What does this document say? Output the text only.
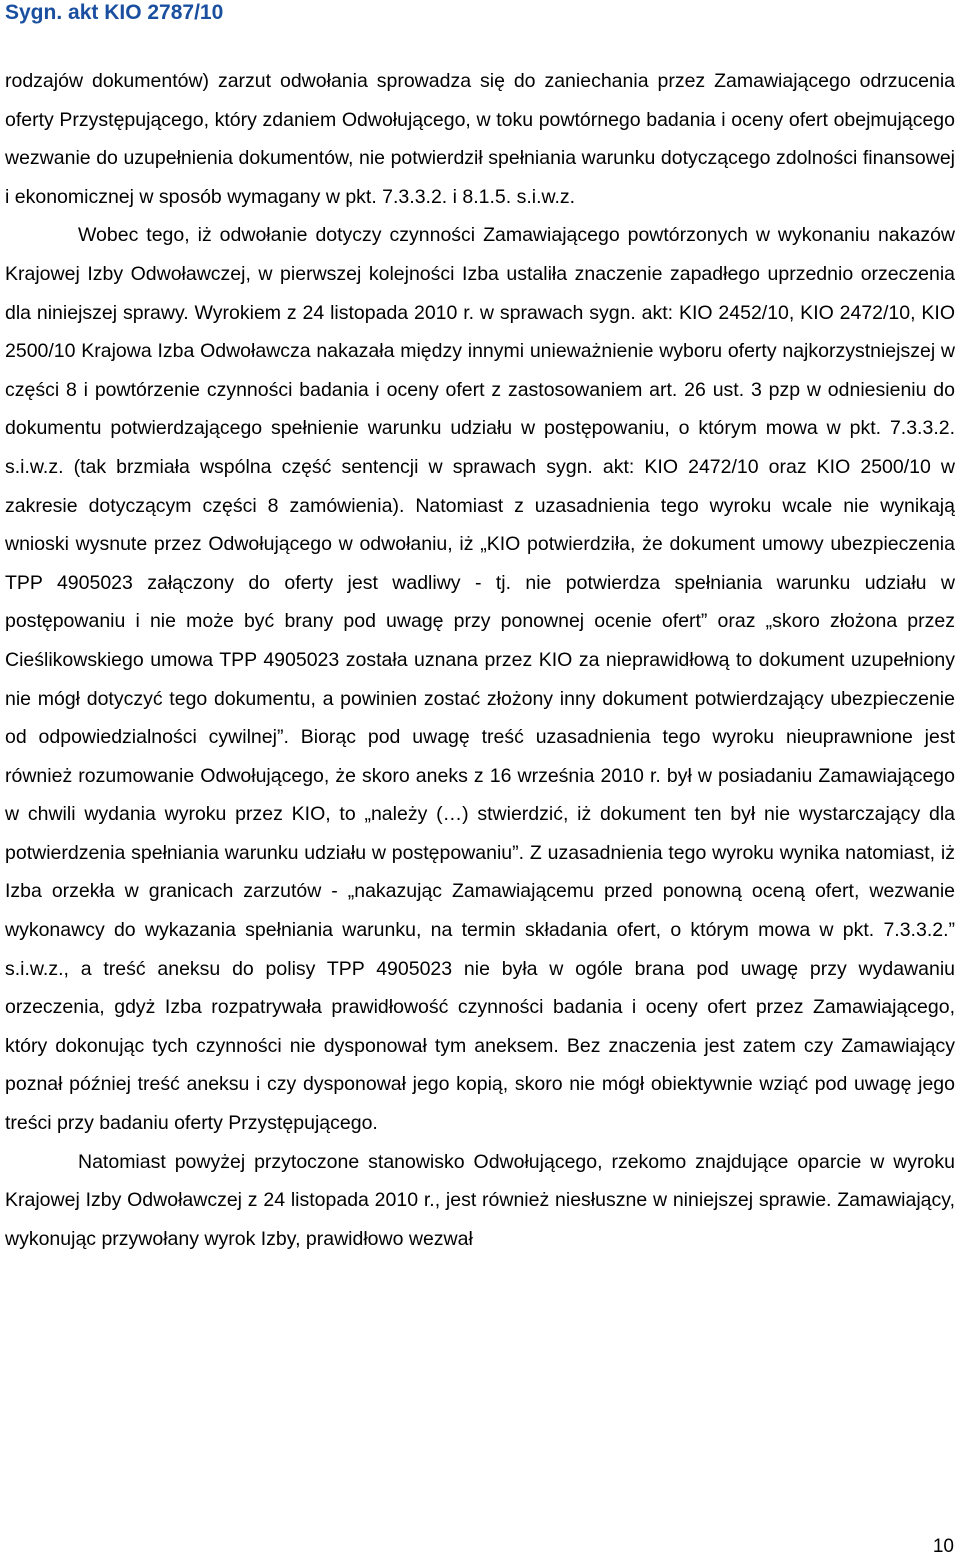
Sygn. akt KIO 2787/10

rodzajów dokumentów) zarzut odwołania sprowadza się do zaniechania przez Zamawiającego odrzucenia oferty Przystępującego, który zdaniem Odwołującego, w toku powtórnego badania i oceny ofert obejmującego wezwanie do uzupełnienia dokumentów, nie potwierdził spełniania warunku dotyczącego zdolności finansowej i ekonomicznej w sposób wymagany w pkt. 7.3.3.2. i 8.1.5. s.i.w.z.

Wobec tego, iż odwołanie dotyczy czynności Zamawiającego powtórzonych w wykonaniu nakazów Krajowej Izby Odwoławczej, w pierwszej kolejności Izba ustaliła znaczenie zapadłego uprzednio orzeczenia dla niniejszej sprawy. Wyrokiem z 24 listopada 2010 r. w sprawach sygn. akt: KIO 2452/10, KIO 2472/10, KIO 2500/10 Krajowa Izba Odwoławcza nakazała między innymi unieważnienie wyboru oferty najkorzystniejszej w części 8 i powtórzenie czynności badania i oceny ofert z zastosowaniem art. 26 ust. 3 pzp w odniesieniu do dokumentu potwierdzającego spełnienie warunku udziału w postępowaniu, o którym mowa w pkt. 7.3.3.2. s.i.w.z. (tak brzmiała wspólna część sentencji w sprawach sygn. akt: KIO 2472/10 oraz KIO 2500/10 w zakresie dotyczącym części 8 zamówienia). Natomiast z uzasadnienia tego wyroku wcale nie wynikają wnioski wysnute przez Odwołującego w odwołaniu, iż „KIO potwierdziła, że dokument umowy ubezpieczenia TPP 4905023 załączony do oferty jest wadliwy - tj. nie potwierdza spełniania warunku udziału w postępowaniu i nie może być brany pod uwagę przy ponownej ocenie ofert” oraz „skoro złożona przez Cieślikowskiego umowa TPP 4905023 została uznana przez KIO za nieprawidłową to dokument uzupełniony nie mógł dotyczyć tego dokumentu, a powinien zostać złożony inny dokument potwierdzający ubezpieczenie od odpowiedzialności cywilnej”. Biorąc pod uwagę treść uzasadnienia tego wyroku nieuprawnione jest również rozumowanie Odwołującego, że skoro aneks z 16 września 2010 r. był w posiadaniu Zamawiającego w chwili wydania wyroku przez KIO, to „należy (…) stwierdzić, iż dokument ten był nie wystarczający dla potwierdzenia spełniania warunku udziału w postępowaniu”. Z uzasadnienia tego wyroku wynika natomiast, iż Izba orzekła w granicach zarzutów - „nakazując Zamawiającemu przed ponowną oceną ofert, wezwanie wykonawcy do wykazania spełniania warunku, na termin składania ofert, o którym mowa w pkt. 7.3.3.2.” s.i.w.z., a treść aneksu do polisy TPP 4905023 nie była w ogóle brana pod uwagę przy wydawaniu orzeczenia, gdyż Izba rozpatrywała prawidłowość czynności badania i oceny ofert przez Zamawiającego, który dokonując tych czynności nie dysponował tym aneksem. Bez znaczenia jest zatem czy Zamawiający poznał później treść aneksu i czy dysponował jego kopią, skoro nie mógł obiektywnie wziąć pod uwagę jego treści przy badaniu oferty Przystępującego.

Natomiast powyżej przytoczone stanowisko Odwołującego, rzekomo znajdujące oparcie w wyroku Krajowej Izby Odwoławczej z 24 listopada 2010 r., jest również niesłuszne w niniejszej sprawie. Zamawiający, wykonując przywołany wyrok Izby, prawidłowo wezwał

10
